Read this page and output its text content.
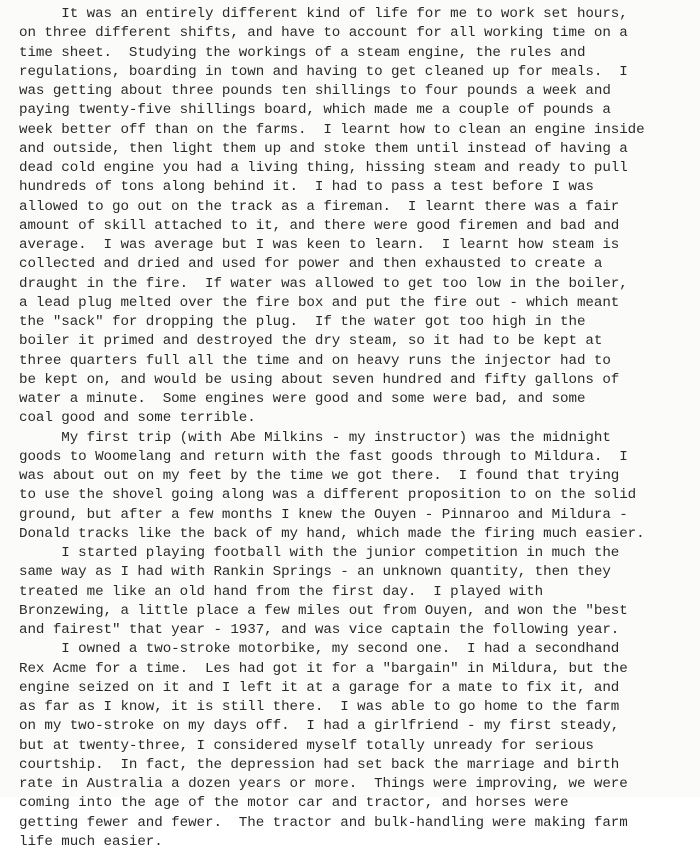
It was an entirely different kind of life for me to work set hours,
on three different shifts, and have to account for all working time on a
time sheet.  Studying the workings of a steam engine, the rules and
regulations, boarding in town and having to get cleaned up for meals.  I
was getting about three pounds ten shillings to four pounds a week and
paying twenty-five shillings board, which made me a couple of pounds a
week better off than on the farms.  I learnt how to clean an engine inside
and outside, then light them up and stoke them until instead of having a
dead cold engine you had a living thing, hissing steam and ready to pull
hundreds of tons along behind it.  I had to pass a test before I was
allowed to go out on the track as a fireman.  I learnt there was a fair
amount of skill attached to it, and there were good firemen and bad and
average.  I was average but I was keen to learn.  I learnt how steam is
collected and dried and used for power and then exhausted to create a
draught in the fire.  If water was allowed to get too low in the boiler,
a lead plug melted over the fire box and put the fire out - which meant
the "sack" for dropping the plug.  If the water got too high in the
boiler it primed and destroyed the dry steam, so it had to be kept at
three quarters full all the time and on heavy runs the injector had to
be kept on, and would be using about seven hundred and fifty gallons of
water a minute.  Some engines were good and some were bad, and some
coal good and some terrible.
My first trip (with Abe Milkins - my instructor) was the midnight
goods to Woomelang and return with the fast goods through to Mildura.  I
was about out on my feet by the time we got there.  I found that trying
to use the shovel going along was a different proposition to on the solid
ground, but after a few months I knew the Ouyen - Pinnaroo and Mildura -
Donald tracks like the back of my hand, which made the firing much easier.
I started playing football with the junior competition in much the
same way as I had with Rankin Springs - an unknown quantity, then they
treated me like an old hand from the first day.  I played with
Bronzewing, a little place a few miles out from Ouyen, and won the "best
and fairest" that year - 1937, and was vice captain the following year.
I owned a two-stroke motorbike, my second one.  I had a secondhand
Rex Acme for a time.  Les had got it for a "bargain" in Mildura, but the
engine seized on it and I left it at a garage for a mate to fix it, and
as far as I know, it is still there.  I was able to go home to the farm
on my two-stroke on my days off.  I had a girlfriend - my first steady,
but at twenty-three, I considered myself totally unready for serious
courtship.  In fact, the depression had set back the marriage and birth
rate in Australia a dozen years or more.  Things were improving, we were
coming into the age of the motor car and tractor, and horses were
getting fewer and fewer.  The tractor and bulk-handling were making farm
life much easier.
